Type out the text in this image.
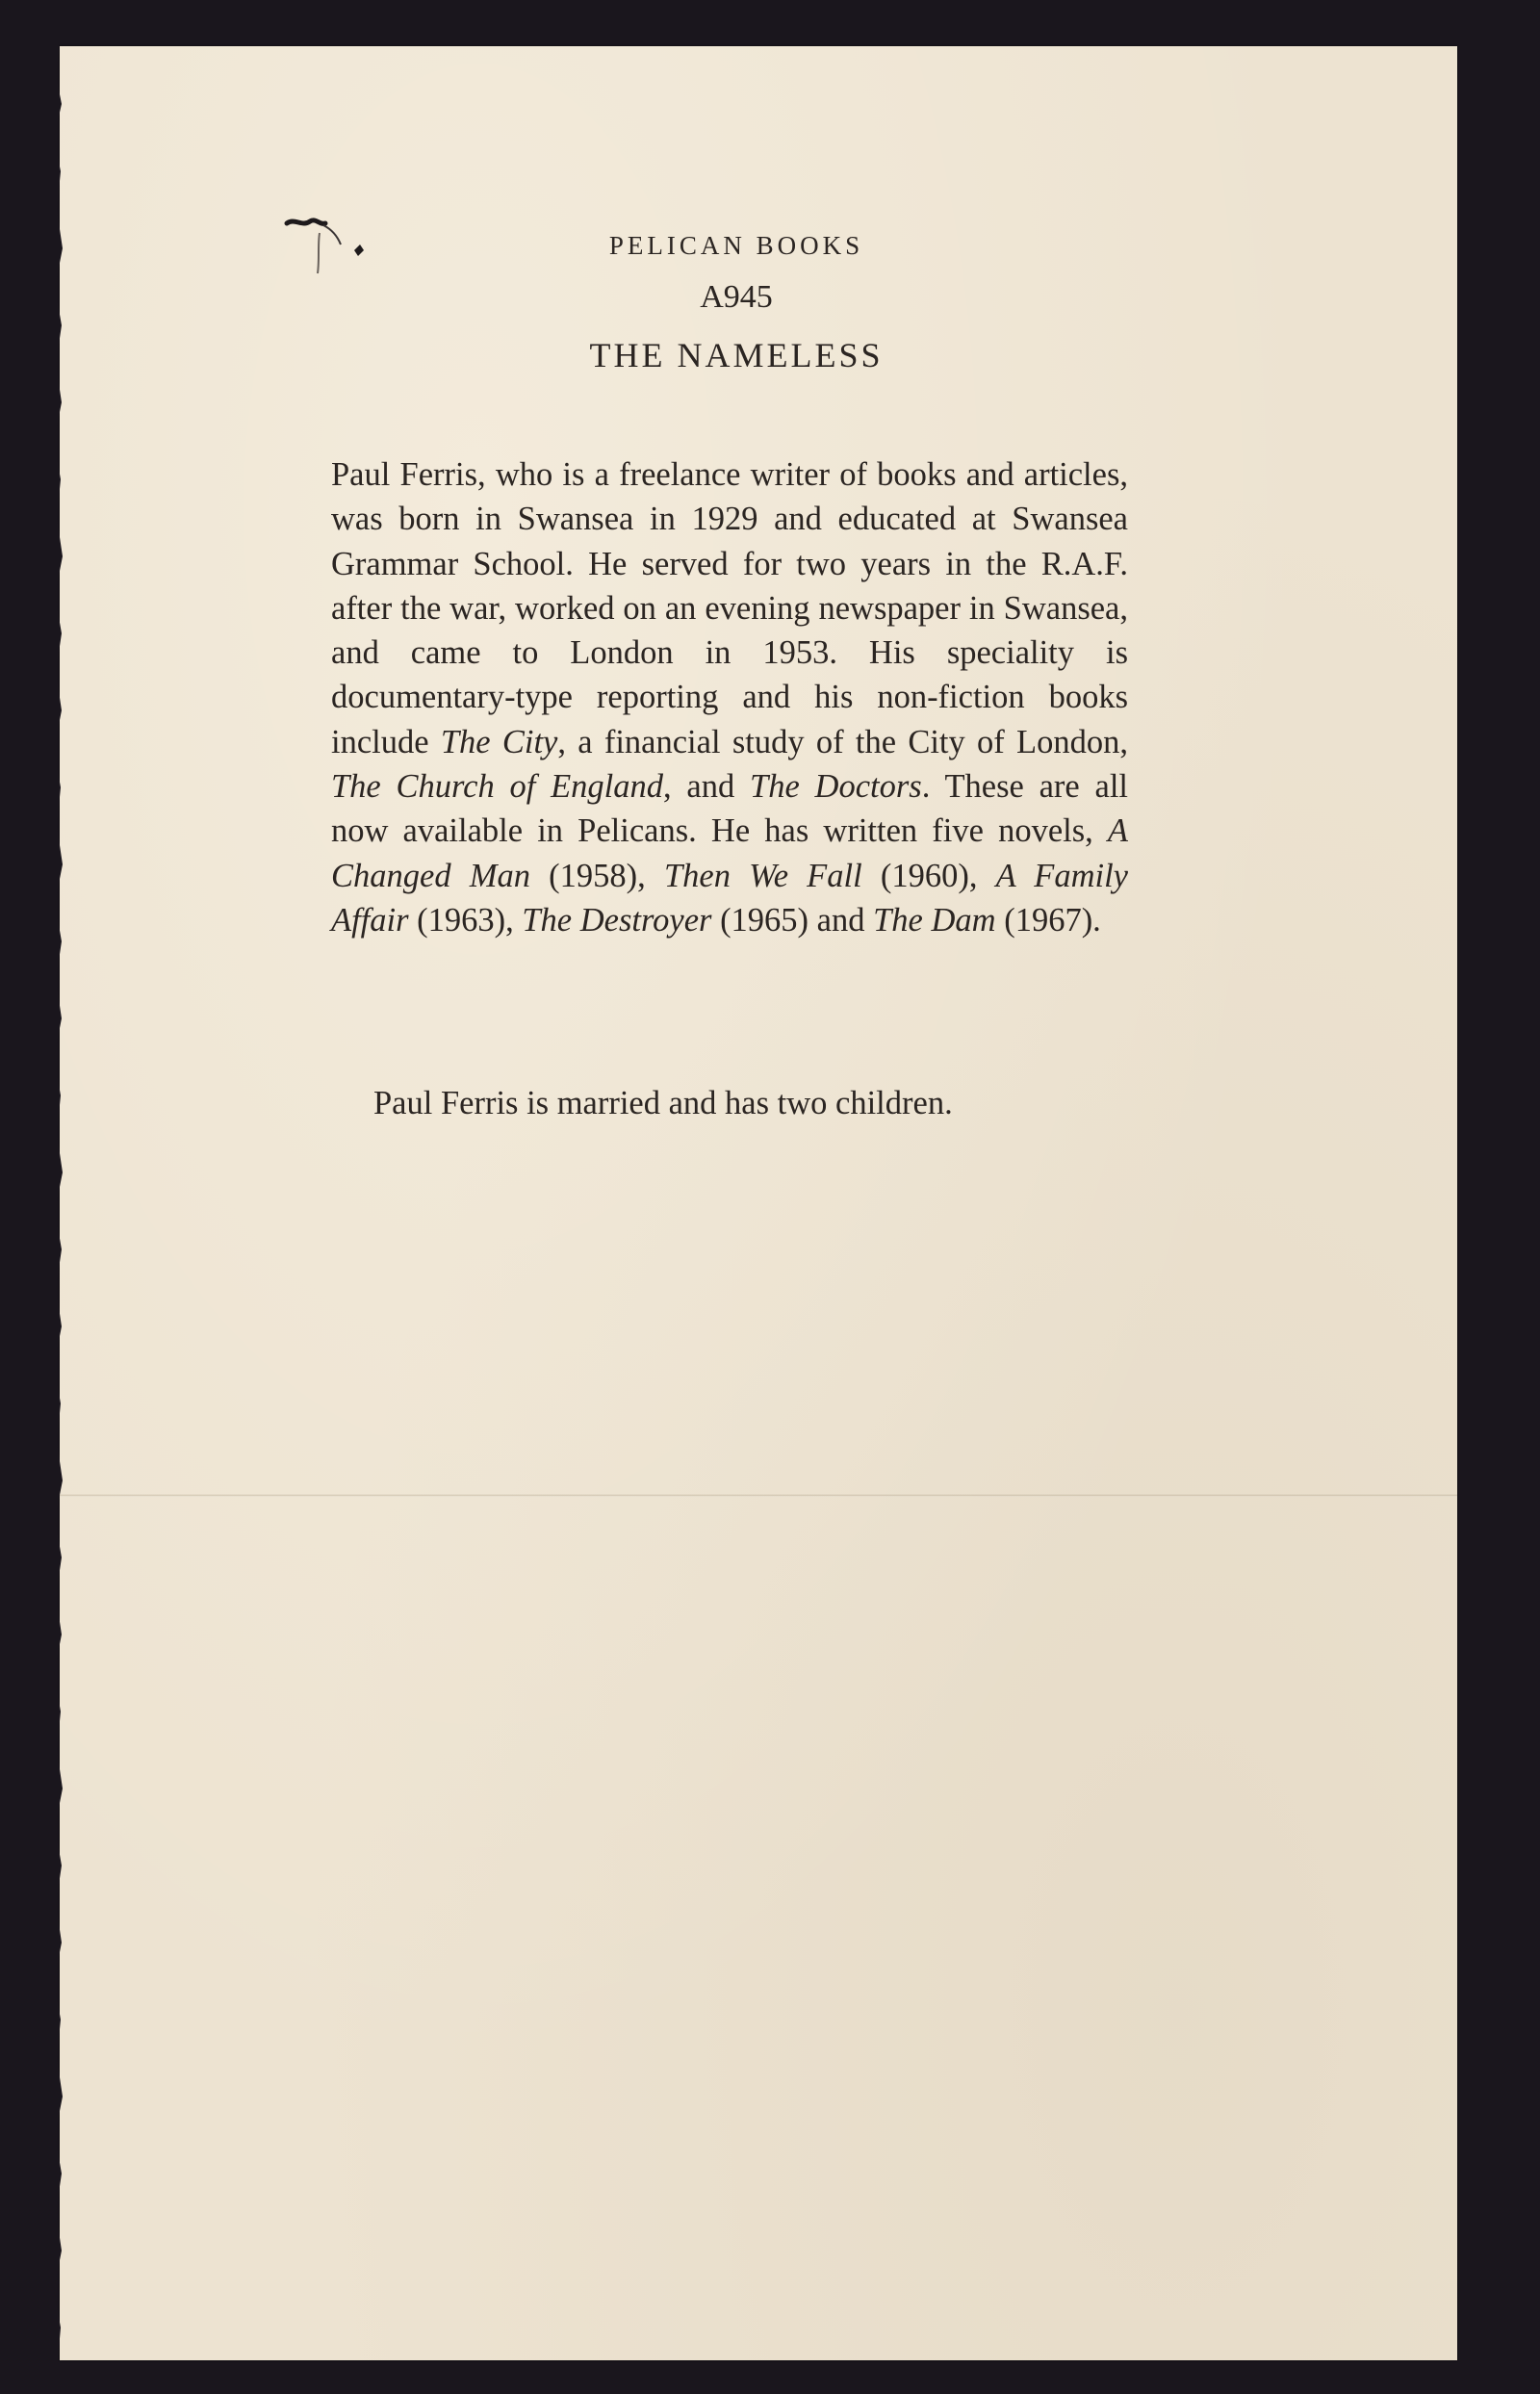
PELICAN BOOKS

A945

THE NAMELESS

Paul Ferris, who is a freelance writer of books and articles, was born in Swansea in 1929 and educated at Swansea Grammar School. He served for two years in the R.A.F. after the war, worked on an evening newspaper in Swansea, and came to London in 1953. His speciality is documentary-type reporting and his non-fiction books include The City, a financial study of the City of London, The Church of England, and The Doctors. These are all now available in Pelicans. He has written five novels, A Changed Man (1958), Then We Fall (1960), A Family Affair (1963), The Destroyer (1965) and The Dam (1967).

Paul Ferris is married and has two children.
